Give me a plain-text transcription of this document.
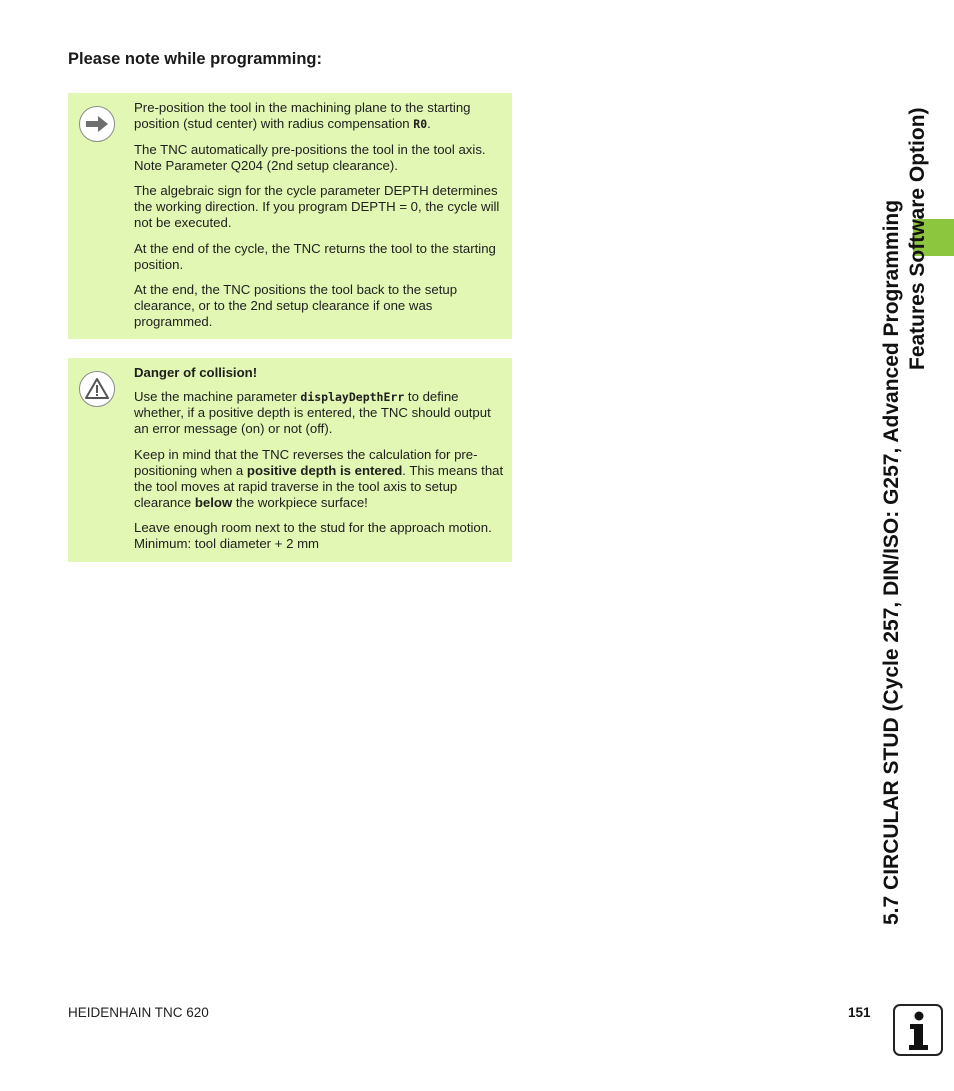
Please note while programming:

Pre-position the tool in the machining plane to the starting position (stud center) with radius compensation R0.

The TNC automatically pre-positions the tool in the tool axis. Note Parameter Q204 (2nd setup clearance).

The algebraic sign for the cycle parameter DEPTH determines the working direction. If you program DEPTH = 0, the cycle will not be executed.

At the end of the cycle, the TNC returns the tool to the starting position.

At the end, the TNC positions the tool back to the setup clearance, or to the 2nd setup clearance if one was programmed.

Danger of collision!

Use the machine parameter displayDepthErr to define whether, if a positive depth is entered, the TNC should output an error message (on) or not (off).

Keep in mind that the TNC reverses the calculation for pre-positioning when a positive depth is entered. This means that the tool moves at rapid traverse in the tool axis to setup clearance below the workpiece surface!

Leave enough room next to the stud for the approach motion. Minimum: tool diameter + 2 mm	5.7 CIRCULAR STUD (Cycle 257, DIN/ISO: G257, Advanced Programming Features Software Option)
HEIDENHAIN TNC 620	151
